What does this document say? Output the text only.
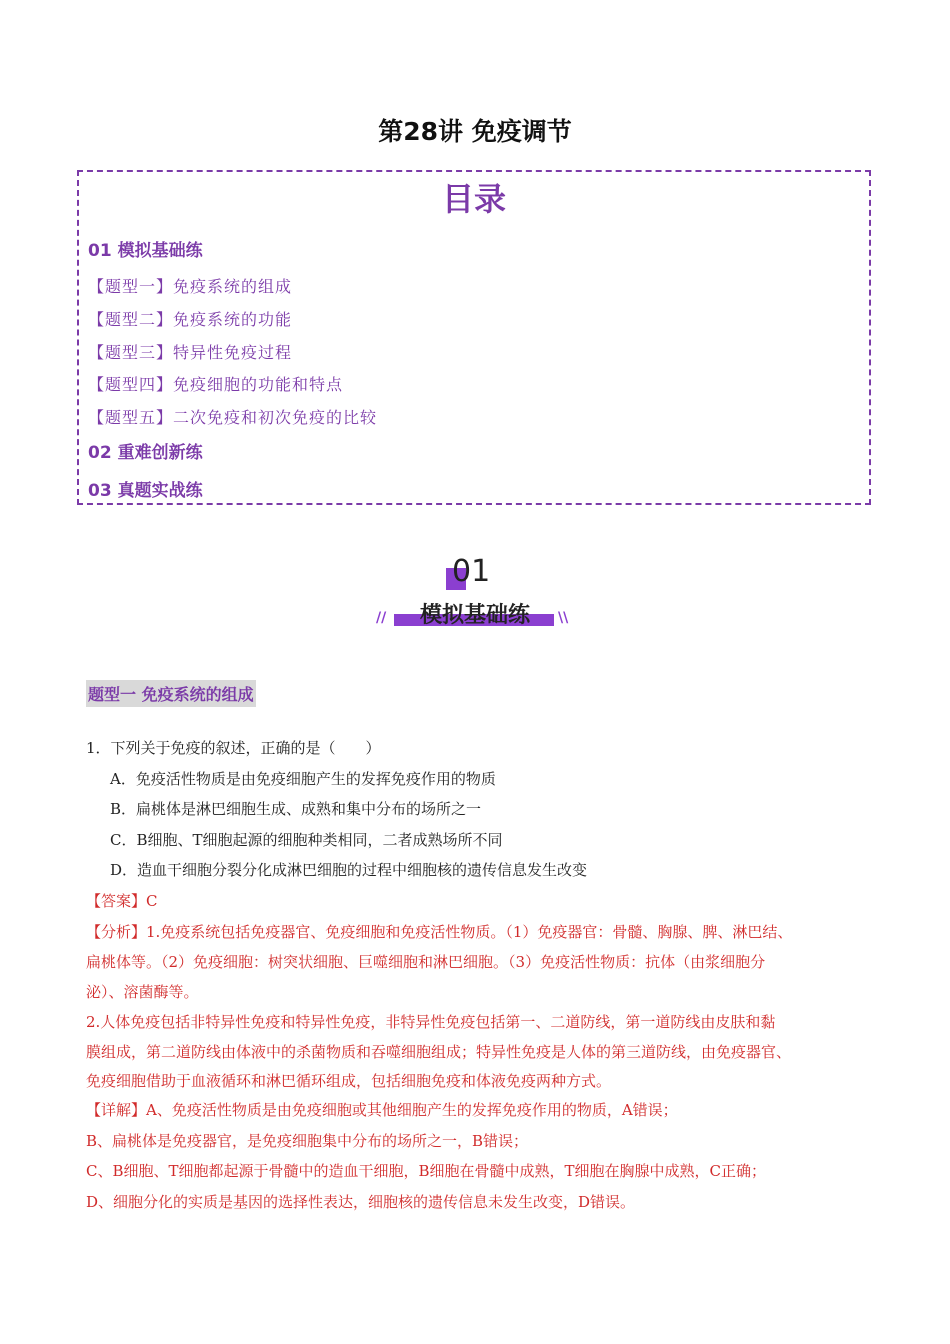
第28讲 免疫调节
目录
01 模拟基础练
【题型一】免疫系统的组成
【题型二】免疫系统的功能
【题型三】特异性免疫过程
【题型四】免疫细胞的功能和特点
【题型五】二次免疫和初次免疫的比较
02 重难创新练
03 真题实战练
01
模拟基础练
//	\\
题型一 免疫系统的组成
1．下列关于免疫的叙述，正确的是（　　）
A．免疫活性物质是由免疫细胞产生的发挥免疫作用的物质
B．扁桃体是淋巴细胞生成、成熟和集中分布的场所之一
C．B细胞、T细胞起源的细胞种类相同，二者成熟场所不同
D．造血干细胞分裂分化成淋巴细胞的过程中细胞核的遗传信息发生改变
【答案】C
【分析】1.免疫系统包括免疫器官、免疫细胞和免疫活性物质。（1）免疫器官：骨髓、胸腺、脾、淋巴结、
扁桃体等。（2）免疫细胞：树突状细胞、巨噬细胞和淋巴细胞。（3）免疫活性物质：抗体（由浆细胞分
泌）、溶菌酶等。
2.人体免疫包括非特异性免疫和特异性免疫，非特异性免疫包括第一、二道防线，第一道防线由皮肤和黏
膜组成，第二道防线由体液中的杀菌物质和吞噬细胞组成；特异性免疫是人体的第三道防线，由免疫器官、
免疫细胞借助于血液循环和淋巴循环组成，包括细胞免疫和体液免疫两种方式。
【详解】A、免疫活性物质是由免疫细胞或其他细胞产生的发挥免疫作用的物质，A错误；
B、扁桃体是免疫器官，是免疫细胞集中分布的场所之一，B错误；
C、B细胞、T细胞都起源于骨髓中的造血干细胞，B细胞在骨髓中成熟，T细胞在胸腺中成熟，C正确；
D、细胞分化的实质是基因的选择性表达，细胞核的遗传信息未发生改变，D错误。
